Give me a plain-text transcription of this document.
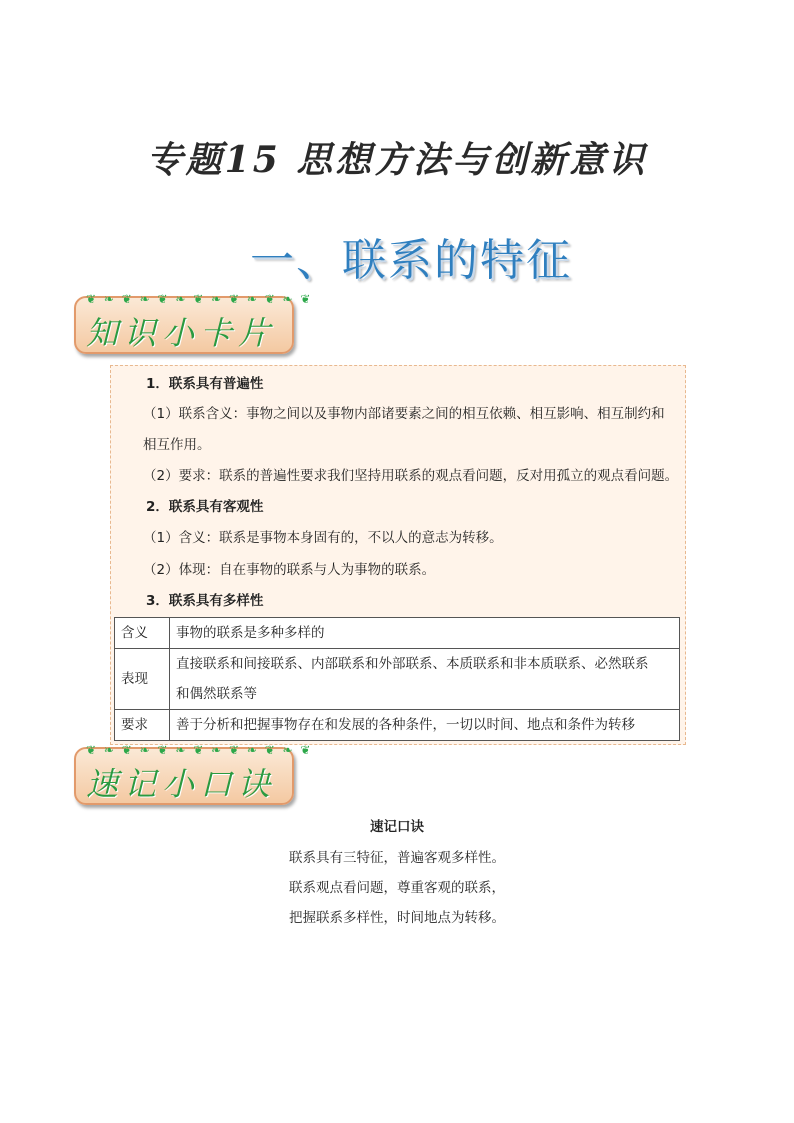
专题15 思想方法与创新意识
一、联系的特征
❦ ❧ ❦ ❧ ❦ ❧ ❦ ❧ ❦ ❧ ❦ ❧ ❦
知识小卡片
1．联系具有普遍性
（1）联系含义：事物之间以及事物内部诸要素之间的相互依赖、相互影响、相互制约和
相互作用。
（2）要求：联系的普遍性要求我们坚持用联系的观点看问题，反对用孤立的观点看问题。
2．联系具有客观性
（1）含义：联系是事物本身固有的，不以人的意志为转移。
（2）体现：自在事物的联系与人为事物的联系。
3．联系具有多样性
含义	事物的联系是多种多样的
表现	直接联系和间接联系、内部联系和外部联系、本质联系和非本质联系、必然联系
和偶然联系等
要求	善于分析和把握事物存在和发展的各种条件，一切以时间、地点和条件为转移
❦ ❧ ❦ ❧ ❦ ❧ ❦ ❧ ❦ ❧ ❦ ❧ ❦
速记小口诀
速记口诀
联系具有三特征，普遍客观多样性。
联系观点看问题，尊重客观的联系，
把握联系多样性，时间地点为转移。
